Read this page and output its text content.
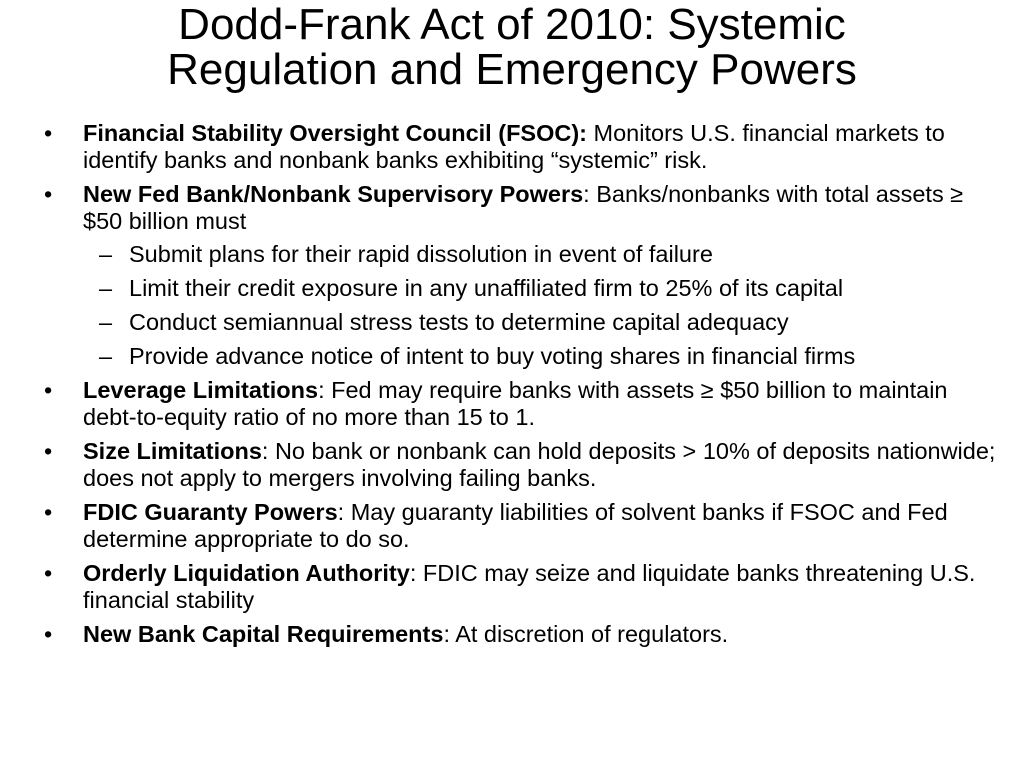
Dodd-Frank Act of 2010: Systemic
Regulation and Emergency Powers
•	Financial Stability Oversight Council (FSOC): Monitors U.S. financial markets to identify banks and nonbank banks exhibiting “systemic” risk.
•	New Fed Bank/Nonbank Supervisory Powers: Banks/nonbanks with total assets ≥ $50 billion must
– Submit plans for their rapid dissolution in event of failure
– Limit their credit exposure in any unaffiliated firm to 25% of its capital
– Conduct semiannual stress tests to determine capital adequacy
– Provide advance notice of intent to buy voting shares in financial firms
•	Leverage Limitations: Fed may require banks with assets ≥ $50 billion to maintain debt-to-equity ratio of no more than 15 to 1.
•	Size Limitations: No bank or nonbank can hold deposits > 10% of deposits nationwide; does not apply to mergers involving failing banks.
•	FDIC Guaranty Powers: May guaranty liabilities of solvent banks if FSOC and Fed determine appropriate to do so.
•	Orderly Liquidation Authority: FDIC may seize and liquidate banks threatening U.S. financial stability
•	New Bank Capital Requirements: At discretion of regulators.
